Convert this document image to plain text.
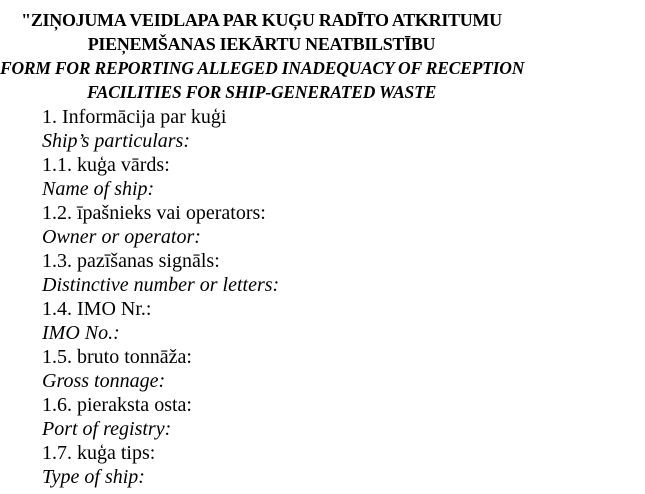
"ZIŅOJUMA VEIDLAPA PAR KUĢU RADĪTO ATKRITUMU
PIEŅEMŠANAS IEKĀRTU NEATBILSTĪBU
FORM FOR REPORTING ALLEGED INADEQUACY OF RECEPTION
FACILITIES FOR SHIP-GENERATED WASTE
1. Informācija par kuģi
Ship’s particulars:
1.1. kuģa vārds:
Name of ship:
1.2. īpašnieks vai operators:
Owner or operator:
1.3. pazīšanas signāls:
Distinctive number or letters:
1.4. IMO Nr.:
IMO No.:
1.5. bruto tonnāža:
Gross tonnage:
1.6. pieraksta osta:
Port of registry:
1.7. kuģa tips:
Type of ship:
